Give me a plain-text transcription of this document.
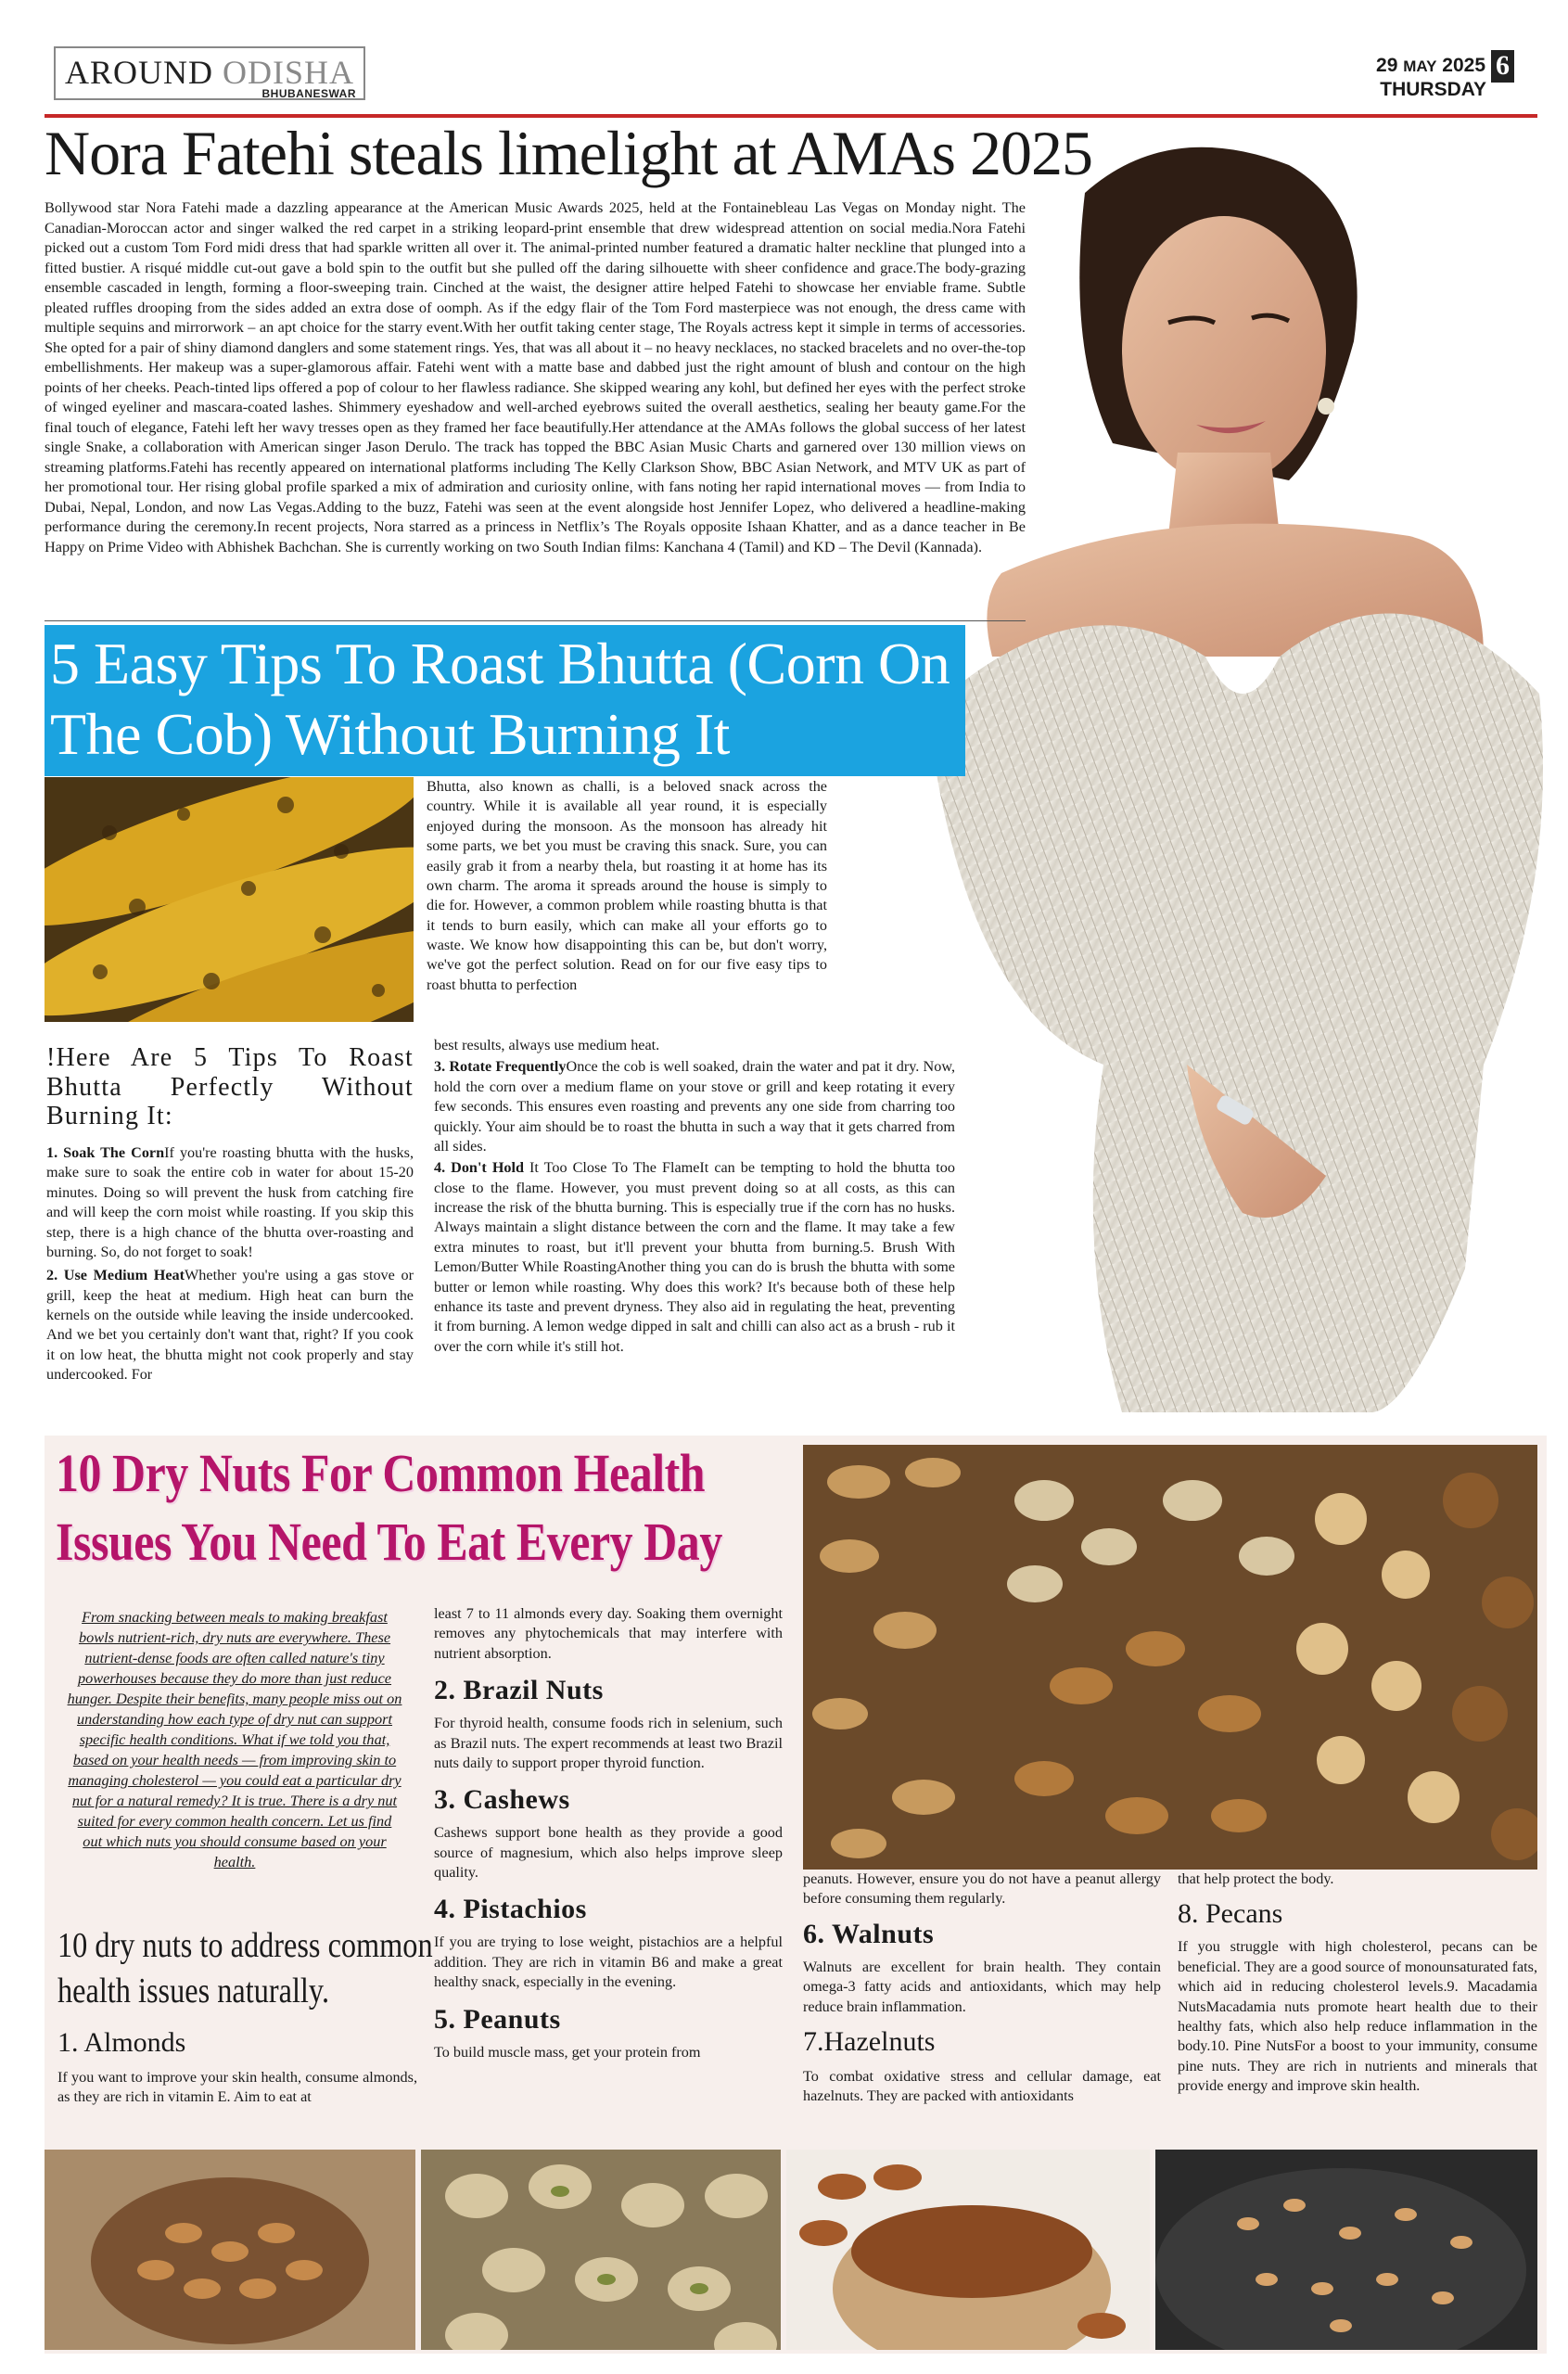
AROUND ODISHA
BHUBANESWAR
29 MAY 2025 6
THURSDAY
Nora Fatehi steals limelight at AMAs 2025

Bollywood star Nora Fatehi made a dazzling appearance at the American Music Awards 2025, held at the Fontainebleau Las Vegas on Monday night. The Canadian-Moroccan actor and singer walked the red carpet in a striking leopard-print ensemble that drew widespread attention on social media.Nora Fatehi picked out a custom Tom Ford midi dress that had sparkle written all over it. The animal-printed number featured a dramatic halter neckline that plunged into a fitted bustier. A risqué middle cut-out gave a bold spin to the outfit but she pulled off the daring silhouette with sheer confidence and grace.The body-grazing ensemble cascaded in length, forming a floor-sweeping train. Cinched at the waist, the designer attire helped Fatehi to showcase her enviable frame. Subtle pleated ruffles drooping from the sides added an extra dose of oomph. As if the edgy flair of the Tom Ford masterpiece was not enough, the dress came with multiple sequins and mirrorwork – an apt choice for the starry event.With her outfit taking center stage, The Royals actress kept it simple in terms of accessories. She opted for a pair of shiny diamond danglers and some statement rings. Yes, that was all about it – no heavy necklaces, no stacked bracelets and no over-the-top embellishments. Her makeup was a super-glamorous affair. Fatehi went with a matte base and dabbed just the right amount of blush and contour on the high points of her cheeks. Peach-tinted lips offered a pop of colour to her flawless radiance. She skipped wearing any kohl, but defined her eyes with the perfect stroke of winged eyeliner and mascara-coated lashes. Shimmery eyeshadow and well-arched eyebrows suited the overall aesthetics, sealing her beauty game.For the final touch of elegance, Fatehi left her wavy tresses open as they framed her face beautifully.Her attendance at the AMAs follows the global success of her latest single Snake, a collaboration with American singer Jason Derulo. The track has topped the BBC Asian Music Charts and garnered over 130 million views on streaming platforms.Fatehi has recently appeared on international platforms including The Kelly Clarkson Show, BBC Asian Network, and MTV UK as part of her promotional tour. Her rising global profile sparked a mix of admiration and curiosity online, with fans noting her rapid international moves — from India to Dubai, Nepal, London, and now Las Vegas.Adding to the buzz, Fatehi was seen at the event alongside host Jennifer Lopez, who delivered a headline-making performance during the ceremony.In recent projects, Nora starred as a princess in Netflix’s The Royals opposite Ishaan Khatter, and as a dance teacher in Be Happy on Prime Video with Abhishek Bachchan. She is currently working on two South Indian films: Kanchana 4 (Tamil) and KD – The Devil (Kannada).

5 Easy Tips To Roast Bhutta (Corn On The Cob) Without Burning It

Bhutta, also known as challi, is a beloved snack across the country. While it is available all year round, it is especially enjoyed during the monsoon. As the monsoon has already hit some parts, we bet you must be craving this snack. Sure, you can easily grab it from a nearby thela, but roasting it at home has its own charm. The aroma it spreads around the house is simply to die for. However, a common problem while roasting bhutta is that it tends to burn easily, which can make all your efforts go to waste. We know how disappointing this can be, but don't worry, we've got the perfect solution. Read on for our five easy tips to roast bhutta to perfection

!Here Are 5 Tips To Roast Bhutta Perfectly Without Burning It:

1. Soak The CornIf you're roasting bhutta with the husks, make sure to soak the entire cob in water for about 15-20 minutes. Doing so will prevent the husk from catching fire and will keep the corn moist while roasting. If you skip this step, there is a high chance of the bhutta over-roasting and burning. So, do not forget to soak!

2. Use Medium HeatWhether you're using a gas stove or grill, keep the heat at medium. High heat can burn the kernels on the outside while leaving the inside undercooked. And we bet you certainly don't want that, right? If you cook it on low heat, the bhutta might not cook properly and stay undercooked. For

best results, always use medium heat.

3. Rotate FrequentlyOnce the cob is well soaked, drain the water and pat it dry. Now, hold the corn over a medium flame on your stove or grill and keep rotating it every few seconds. This ensures even roasting and prevents any one side from charring too quickly. Your aim should be to roast the bhutta in such a way that it gets charred from all sides.

4. Don't Hold It Too Close To The FlameIt can be tempting to hold the bhutta too close to the flame. However, you must prevent doing so at all costs, as this can increase the risk of the bhutta burning. This is especially true if the corn has no husks. Always maintain a slight distance between the corn and the flame. It may take a few extra minutes to roast, but it'll prevent your bhutta from burning.5. Brush With Lemon/Butter While RoastingAnother thing you can do is brush the bhutta with some butter or lemon while roasting. Why does this work? It's because both of these help enhance its taste and prevent dryness. They also aid in regulating the heat, preventing it from burning. A lemon wedge dipped in salt and chilli can also act as a brush - rub it over the corn while it's still hot.

10 Dry Nuts For Common Health
Issues You Need To Eat Every Day

From snacking between meals to making breakfast bowls nutrient-rich, dry nuts are everywhere. These nutrient-dense foods are often called nature's tiny powerhouses because they do more than just reduce hunger. Despite their benefits, many people miss out on understanding how each type of dry nut can support specific health conditions. What if we told you that, based on your health needs — from improving skin to managing cholesterol — you could eat a particular dry nut for a natural remedy? It is true. There is a dry nut suited for every common health concern. Let us find out which nuts you should consume based on your health.

10 dry nuts to address common
health issues naturally.

1. Almonds

If you want to improve your skin health, consume almonds, as they are rich in vitamin E. Aim to eat at

least 7 to 11 almonds every day. Soaking them overnight removes any phytochemicals that may interfere with nutrient absorption.

2. Brazil Nuts

For thyroid health, consume foods rich in selenium, such as Brazil nuts. The expert recommends at least two Brazil nuts daily to support proper thyroid function.

3. Cashews

Cashews support bone health as they provide a good source of magnesium, which also helps improve sleep quality.

4. Pistachios

If you are trying to lose weight, pistachios are a helpful addition. They are rich in vitamin B6 and make a great healthy snack, especially in the evening.

5. Peanuts

To build muscle mass, get your protein from

peanuts. However, ensure you do not have a peanut allergy before consuming them regularly.

6. Walnuts

Walnuts are excellent for brain health. They contain omega-3 fatty acids and antioxidants, which may help reduce brain inflammation.

7.Hazelnuts

To combat oxidative stress and cellular damage, eat hazelnuts. They are packed with antioxidants

that help protect the body.

8. Pecans

If you struggle with high cholesterol, pecans can be beneficial. They are a good source of monounsaturated fats, which aid in reducing cholesterol levels.9. Macadamia NutsMacadamia nuts promote heart health due to their healthy fats, which also help reduce inflammation in the body.10. Pine NutsFor a boost to your immunity, consume pine nuts. They are rich in nutrients and minerals that provide energy and improve skin health.
